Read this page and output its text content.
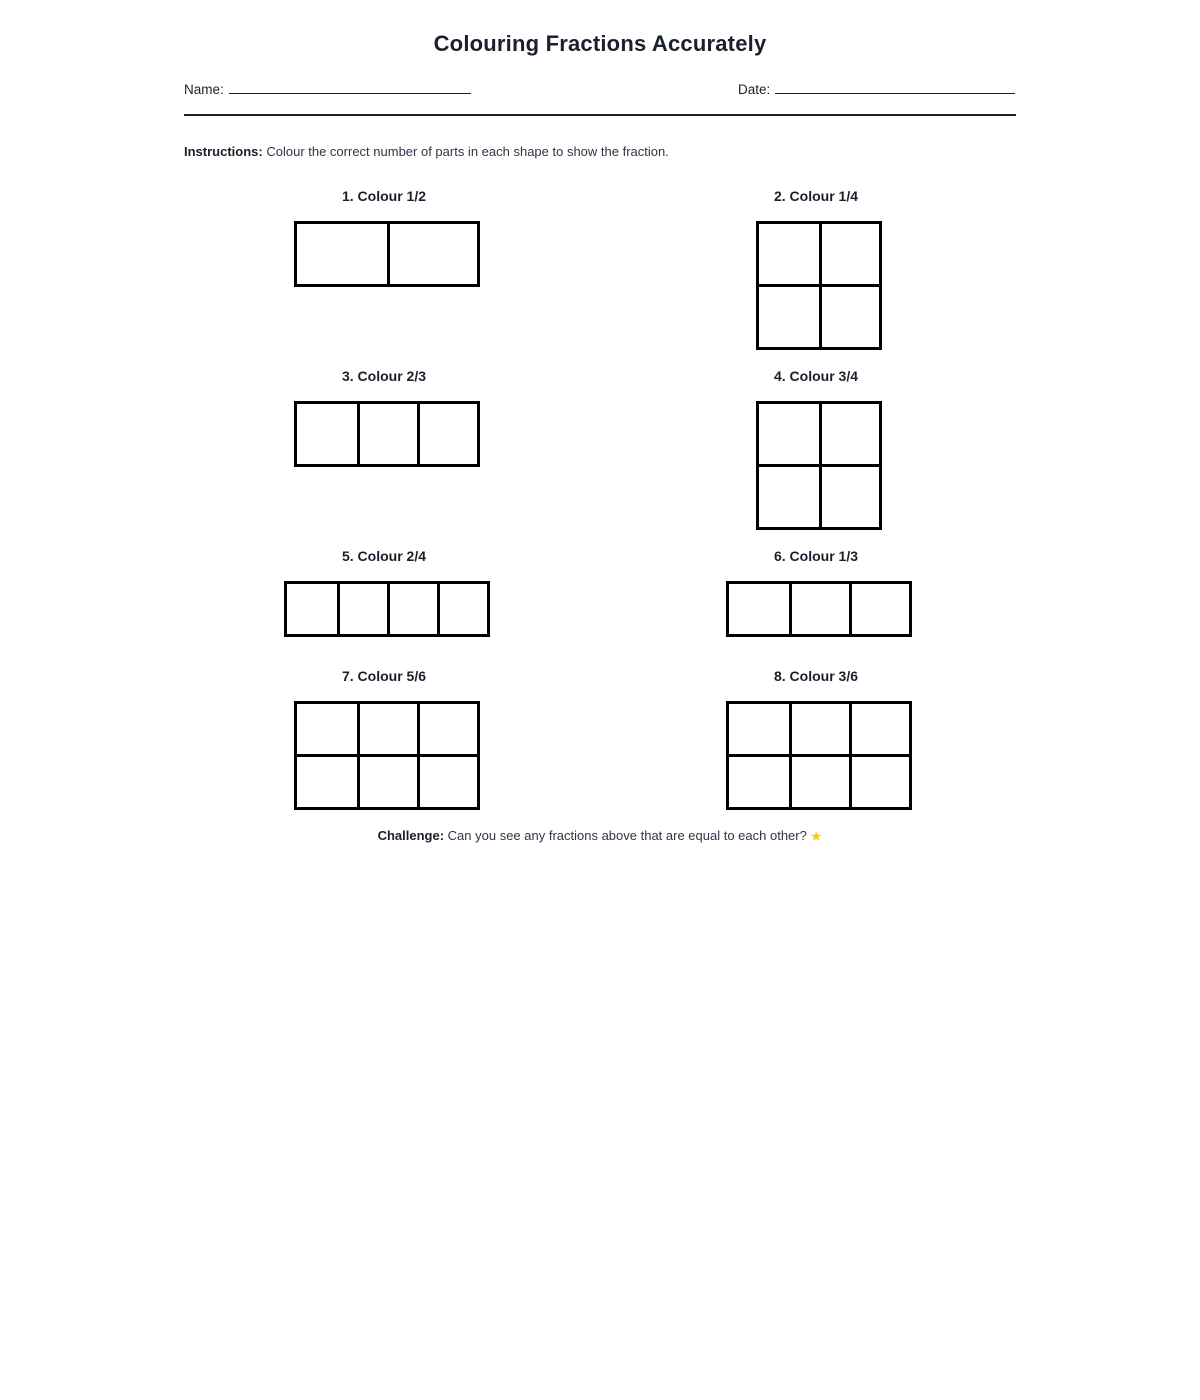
Colouring Fractions Accurately
Name:	Date:
Instructions: Colour the correct number of parts in each shape to show the fraction.
1. Colour 1/2	2. Colour 1/4
3. Colour 2/3	4. Colour 3/4
5. Colour 2/4	6. Colour 1/3
7. Colour 5/6	8. Colour 3/6
Challenge: Can you see any fractions above that are equal to each other? ★
